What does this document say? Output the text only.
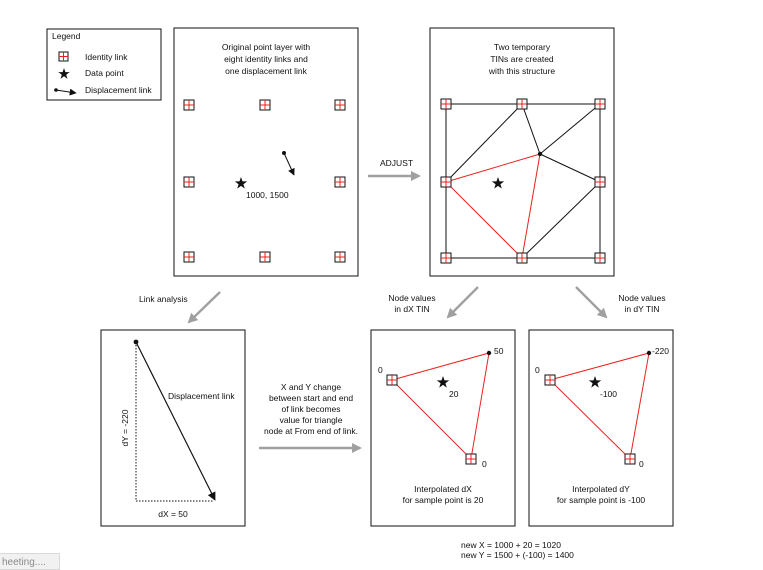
Legend
Identity link
Data point
Displacement link
Original point layer with
eight identity links and
one displacement link
1000, 1500
Two temporary
TINs are created
with this structure
ADJUST
Link analysis	Node values
in dX TIN
Node values
in dY TIN
X and Y change
between start and end
of link becomes
value for triangle
node at From end of link.
Displacement link
dY = -220
dX = 50
50
0
0
20
Interpolated dX
for sample point is 20
-220
0
0
-100
Interpolated dY
for sample point is -100
new X = 1000 + 20 = 1020
new Y = 1500 + (-100) = 1400
heeting....
